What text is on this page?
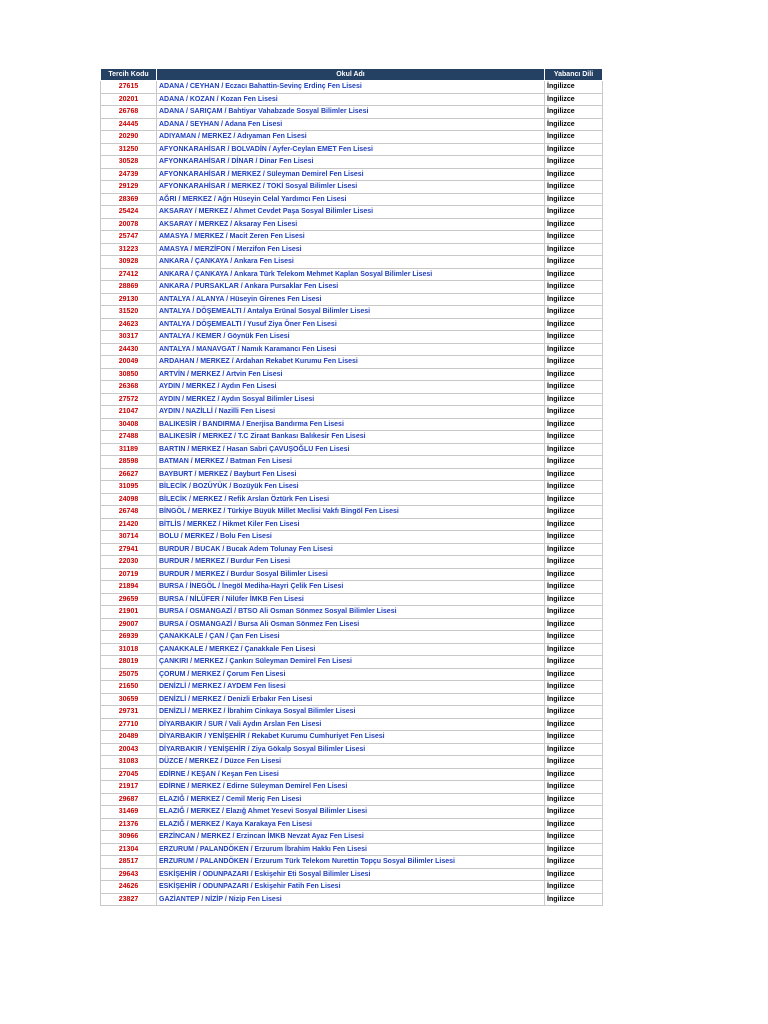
Tercih Kodu	Okul Adı	Yabancı Dili
27615	ADANA / CEYHAN / Eczacı Bahattin-Sevinç Erdinç Fen Lisesi	İngilizce
20201	ADANA / KOZAN / Kozan Fen Lisesi	İngilizce
26768	ADANA / SARIÇAM / Bahtiyar Vahabzade Sosyal Bilimler Lisesi	İngilizce
24445	ADANA / SEYHAN / Adana Fen Lisesi	İngilizce
20290	ADIYAMAN / MERKEZ / Adıyaman Fen Lisesi	İngilizce
31250	AFYONKARAHİSAR / BOLVADİN / Ayfer-Ceylan EMET Fen Lisesi	İngilizce
30528	AFYONKARAHİSAR / DİNAR / Dinar Fen Lisesi	İngilizce
24739	AFYONKARAHİSAR / MERKEZ / Süleyman Demirel Fen Lisesi	İngilizce
29129	AFYONKARAHİSAR / MERKEZ / TOKİ Sosyal Bilimler Lisesi	İngilizce
28369	AĞRI / MERKEZ / Ağrı Hüseyin Celal Yardımcı Fen Lisesi	İngilizce
25424	AKSARAY / MERKEZ / Ahmet Cevdet Paşa Sosyal Bilimler Lisesi	İngilizce
20078	AKSARAY / MERKEZ / Aksaray Fen Lisesi	İngilizce
25747	AMASYA / MERKEZ / Macit Zeren Fen Lisesi	İngilizce
31223	AMASYA / MERZİFON / Merzifon Fen Lisesi	İngilizce
30928	ANKARA / ÇANKAYA / Ankara Fen Lisesi	İngilizce
27412	ANKARA / ÇANKAYA / Ankara Türk Telekom Mehmet Kaplan Sosyal Bilimler Lisesi	İngilizce
28869	ANKARA / PURSAKLAR / Ankara Pursaklar Fen Lisesi	İngilizce
29130	ANTALYA / ALANYA / Hüseyin Girenes Fen Lisesi	İngilizce
31520	ANTALYA / DÖŞEMEALTI / Antalya Erünal Sosyal Bilimler Lisesi	İngilizce
24623	ANTALYA / DÖŞEMEALTI / Yusuf Ziya Öner Fen Lisesi	İngilizce
30317	ANTALYA / KEMER / Göynük Fen Lisesi	İngilizce
24430	ANTALYA / MANAVGAT / Namık Karamancı Fen Lisesi	İngilizce
20049	ARDAHAN / MERKEZ / Ardahan Rekabet Kurumu Fen Lisesi	İngilizce
30850	ARTVİN / MERKEZ / Artvin Fen Lisesi	İngilizce
26368	AYDIN / MERKEZ / Aydın Fen Lisesi	İngilizce
27572	AYDIN / MERKEZ / Aydın Sosyal Bilimler Lisesi	İngilizce
21047	AYDIN / NAZİLLİ / Nazilli Fen Lisesi	İngilizce
30408	BALIKESİR / BANDIRMA / Enerjisa Bandırma Fen Lisesi	İngilizce
27488	BALIKESİR / MERKEZ / T.C Ziraat Bankası Balıkesir Fen Lisesi	İngilizce
31189	BARTIN / MERKEZ / Hasan Sabri ÇAVUŞOĞLU Fen Lisesi	İngilizce
28598	BATMAN / MERKEZ / Batman Fen Lisesi	İngilizce
26627	BAYBURT / MERKEZ / Bayburt Fen Lisesi	İngilizce
31095	BİLECİK / BOZÜYÜK / Bozüyük Fen Lisesi	İngilizce
24098	BİLECİK / MERKEZ / Refik Arslan Öztürk Fen Lisesi	İngilizce
26748	BİNGÖL / MERKEZ / Türkiye Büyük Millet Meclisi Vakfı Bingöl Fen Lisesi	İngilizce
21420	BİTLİS / MERKEZ / Hikmet Kiler Fen Lisesi	İngilizce
30714	BOLU / MERKEZ / Bolu Fen Lisesi	İngilizce
27941	BURDUR / BUCAK / Bucak Adem Tolunay Fen Lisesi	İngilizce
22030	BURDUR / MERKEZ / Burdur Fen Lisesi	İngilizce
20719	BURDUR / MERKEZ / Burdur Sosyal Bilimler Lisesi	İngilizce
21894	BURSA / İNEGÖL / İnegöl Mediha-Hayri Çelik Fen Lisesi	İngilizce
29659	BURSA / NİLÜFER / Nilüfer İMKB Fen Lisesi	İngilizce
21901	BURSA / OSMANGAZİ / BTSO Ali Osman Sönmez Sosyal Bilimler Lisesi	İngilizce
29007	BURSA / OSMANGAZİ / Bursa Ali Osman Sönmez Fen Lisesi	İngilizce
26939	ÇANAKKALE / ÇAN / Çan Fen Lisesi	İngilizce
31018	ÇANAKKALE / MERKEZ / Çanakkale Fen Lisesi	İngilizce
28019	ÇANKIRI / MERKEZ / Çankırı Süleyman Demirel Fen Lisesi	İngilizce
25075	ÇORUM / MERKEZ / Çorum Fen Lisesi	İngilizce
21650	DENİZLİ / MERKEZ / AYDEM Fen lisesi	İngilizce
30659	DENİZLİ / MERKEZ / Denizli Erbakır Fen Lisesi	İngilizce
29731	DENİZLİ / MERKEZ / İbrahim Cinkaya Sosyal Bilimler Lisesi	İngilizce
27710	DİYARBAKIR / SUR / Vali Aydın Arslan Fen Lisesi	İngilizce
20489	DİYARBAKIR / YENİŞEHİR / Rekabet Kurumu Cumhuriyet Fen Lisesi	İngilizce
20043	DİYARBAKIR / YENİŞEHİR / Ziya Gökalp Sosyal Bilimler Lisesi	İngilizce
31083	DÜZCE / MERKEZ / Düzce Fen Lisesi	İngilizce
27045	EDİRNE / KEŞAN / Keşan Fen Lisesi	İngilizce
21917	EDİRNE / MERKEZ / Edirne Süleyman Demirel Fen Lisesi	İngilizce
29687	ELAZIĞ / MERKEZ / Cemil Meriç Fen Lisesi	İngilizce
31469	ELAZIĞ / MERKEZ / Elazığ Ahmet Yesevi Sosyal Bilimler Lisesi	İngilizce
21376	ELAZIĞ / MERKEZ / Kaya Karakaya Fen Lisesi	İngilizce
30966	ERZİNCAN / MERKEZ / Erzincan İMKB Nevzat Ayaz Fen Lisesi	İngilizce
21304	ERZURUM / PALANDÖKEN / Erzurum İbrahim Hakkı Fen Lisesi	İngilizce
28517	ERZURUM / PALANDÖKEN / Erzurum Türk Telekom Nurettin Topçu Sosyal Bilimler Lisesi	İngilizce
29643	ESKİŞEHİR / ODUNPAZARI / Eskişehir Eti Sosyal Bilimler Lisesi	İngilizce
24626	ESKİŞEHİR / ODUNPAZARI / Eskişehir Fatih Fen Lisesi	İngilizce
23827	GAZİANTEP / NİZİP / Nizip Fen Lisesi	İngilizce
